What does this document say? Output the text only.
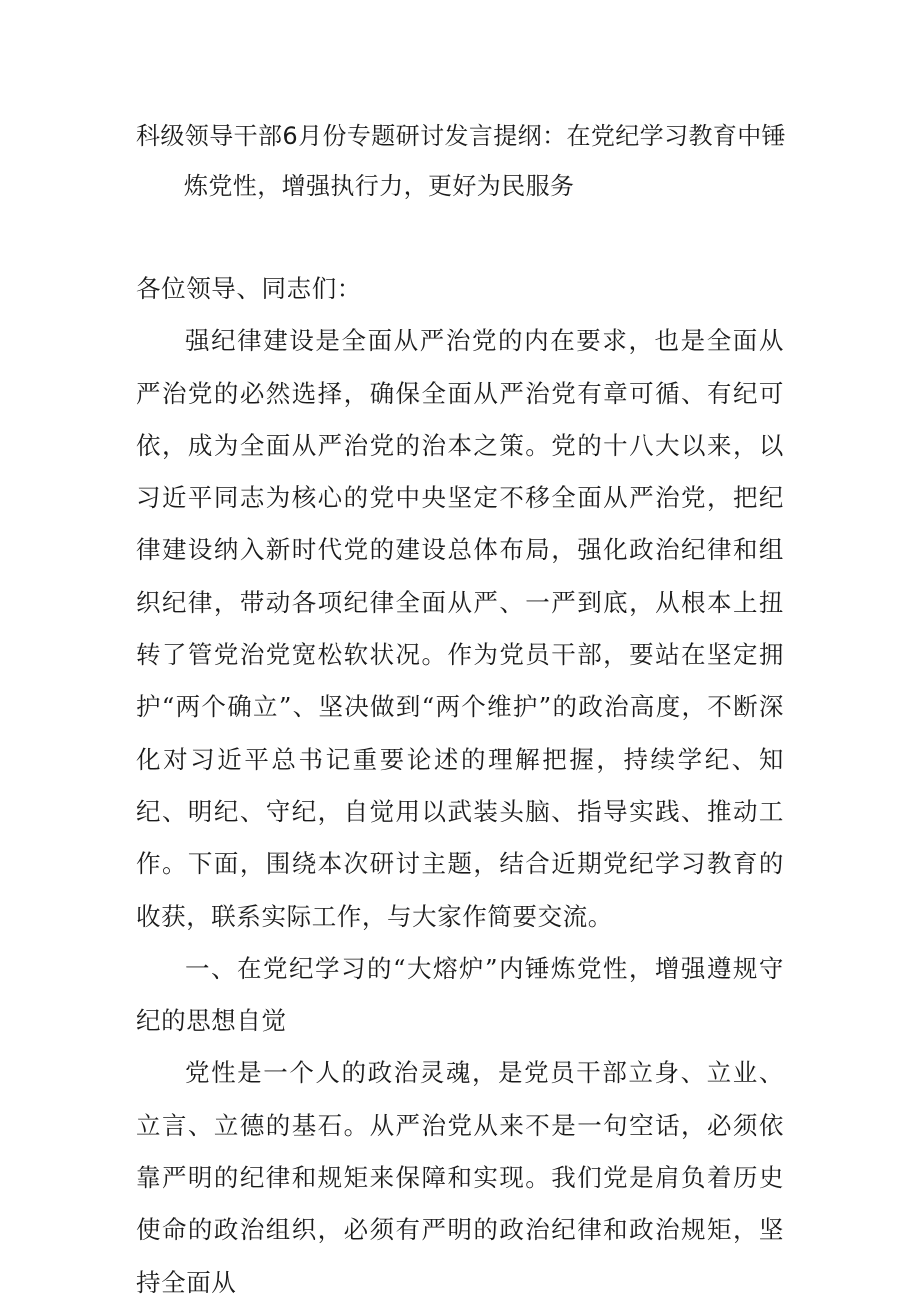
科级领导干部6月份专题研讨发言提纲：在党纪学习教育中锤
炼党性，增强执行力，更好为民服务

各位领导、同志们：

强纪律建设是全面从严治党的内在要求，也是全面从严治党的必然选择，确保全面从严治党有章可循、有纪可依，成为全面从严治党的治本之策。党的十八大以来，以习近平同志为核心的党中央坚定不移全面从严治党，把纪律建设纳入新时代党的建设总体布局，强化政治纪律和组织纪律，带动各项纪律全面从严、一严到底，从根本上扭转了管党治党宽松软状况。作为党员干部，要站在坚定拥护“两个确立”、坚决做到“两个维护”的政治高度，不断深化对习近平总书记重要论述的理解把握，持续学纪、知纪、明纪、守纪，自觉用以武装头脑、指导实践、推动工作。下面，围绕本次研讨主题，结合近期党纪学习教育的收获，联系实际工作，与大家作简要交流。

一、在党纪学习的“大熔炉”内锤炼党性，增强遵规守纪的思想自觉

党性是一个人的政治灵魂，是党员干部立身、立业、立言、立德的基石。从严治党从来不是一句空话，必须依靠严明的纪律和规矩来保障和实现。我们党是肩负着历史使命的政治组织，必须有严明的政治纪律和政治规矩，坚持全面从
